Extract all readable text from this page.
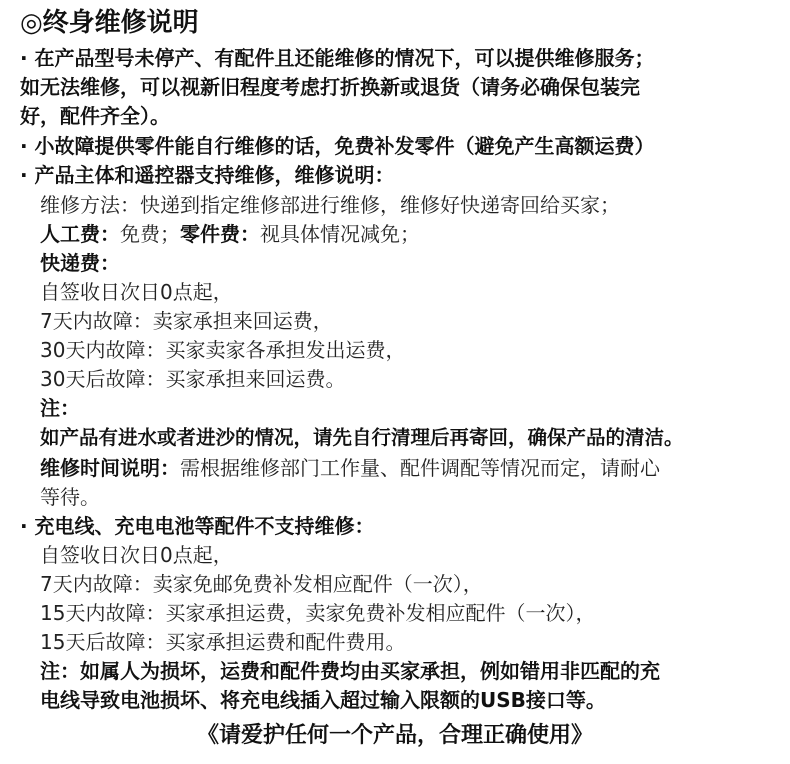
◎终身维修说明
· 在产品型号未停产、有配件且还能维修的情况下，可以提供维修服务；
如无法维修，可以视新旧程度考虑打折换新或退货（请务必确保包装完
好，配件齐全）。
· 小故障提供零件能自行维修的话，免费补发零件（避免产生高额运费）
· 产品主体和遥控器支持维修，维修说明：
维修方法：快递到指定维修部进行维修，维修好快递寄回给买家；
人工费：免费；零件费：视具体情况减免；
快递费：
自签收日次日0点起，
7天内故障：卖家承担来回运费，
30天内故障：买家卖家各承担发出运费，
30天后故障：买家承担来回运费。
注：
如产品有进水或者进沙的情况，请先自行清理后再寄回，确保产品的清洁。
维修时间说明：需根据维修部门工作量、配件调配等情况而定，请耐心
等待。
· 充电线、充电电池等配件不支持维修：
自签收日次日0点起，
7天内故障：卖家免邮免费补发相应配件（一次），
15天内故障：买家承担运费，卖家免费补发相应配件（一次），
15天后故障：买家承担运费和配件费用。
注：如属人为损坏，运费和配件费均由买家承担，例如错用非匹配的充
电线导致电池损坏、将充电线插入超过输入限额的USB接口等。
《请爱护任何一个产品，合理正确使用》
